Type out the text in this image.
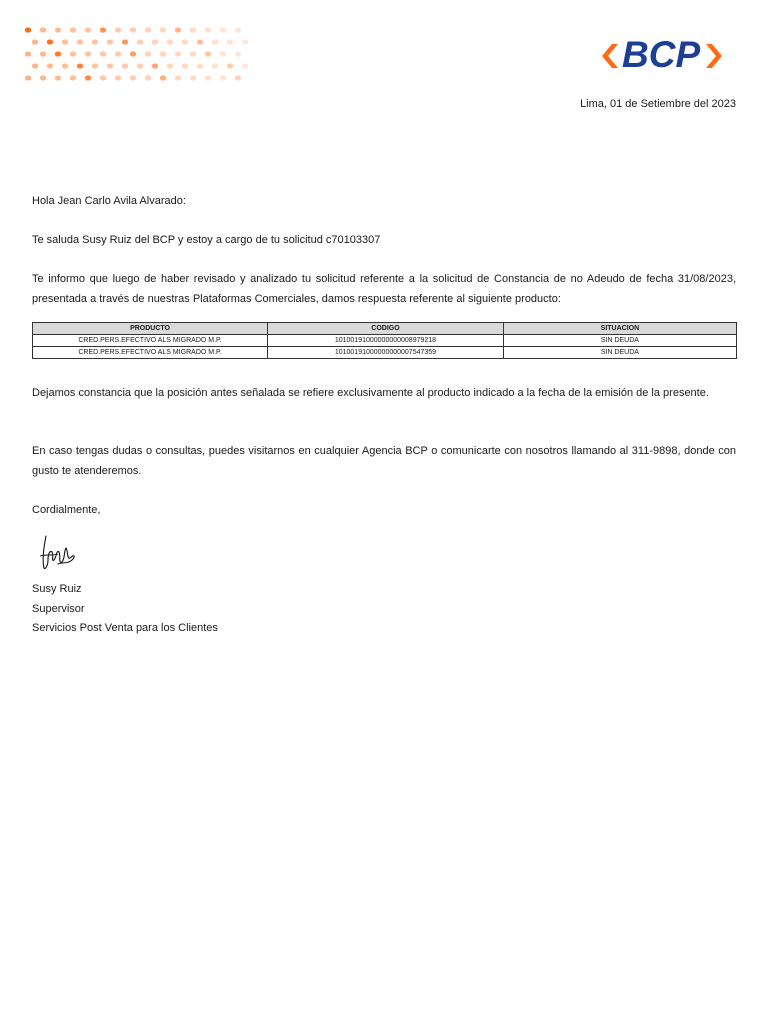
BCP
Lima, 01 de Setiembre del 2023
Hola Jean Carlo Avila Alvarado:
Te saluda Susy Ruiz del BCP y estoy a cargo de tu solicitud c70103307
Te informo que luego de haber revisado y analizado tu solicitud referente a la solicitud de Constancia de no Adeudo de fecha 31/08/2023, presentada a través de nuestras Plataformas Comerciales, damos respuesta referente al siguiente producto:
PRODUCTO	CODIGO	SITUACION
CRED.PERS.EFECTIVO ALS MIGRADO M.P.	10100191000000000008979218	SIN DEUDA
CRED.PERS.EFECTIVO ALS MIGRADO M.P.	10100191000000000007547359	SIN DEUDA
Dejamos constancia que la posición antes señalada se refiere exclusivamente al producto indicado a la fecha de la emisión de la presente.
En caso tengas dudas o consultas, puedes visitarnos en cualquier Agencia BCP o comunicarte con nosotros llamando al 311-9898, donde con gusto te atenderemos.
Cordialmente,
Susy Ruiz
Supervisor
Servicios Post Venta para los Clientes
